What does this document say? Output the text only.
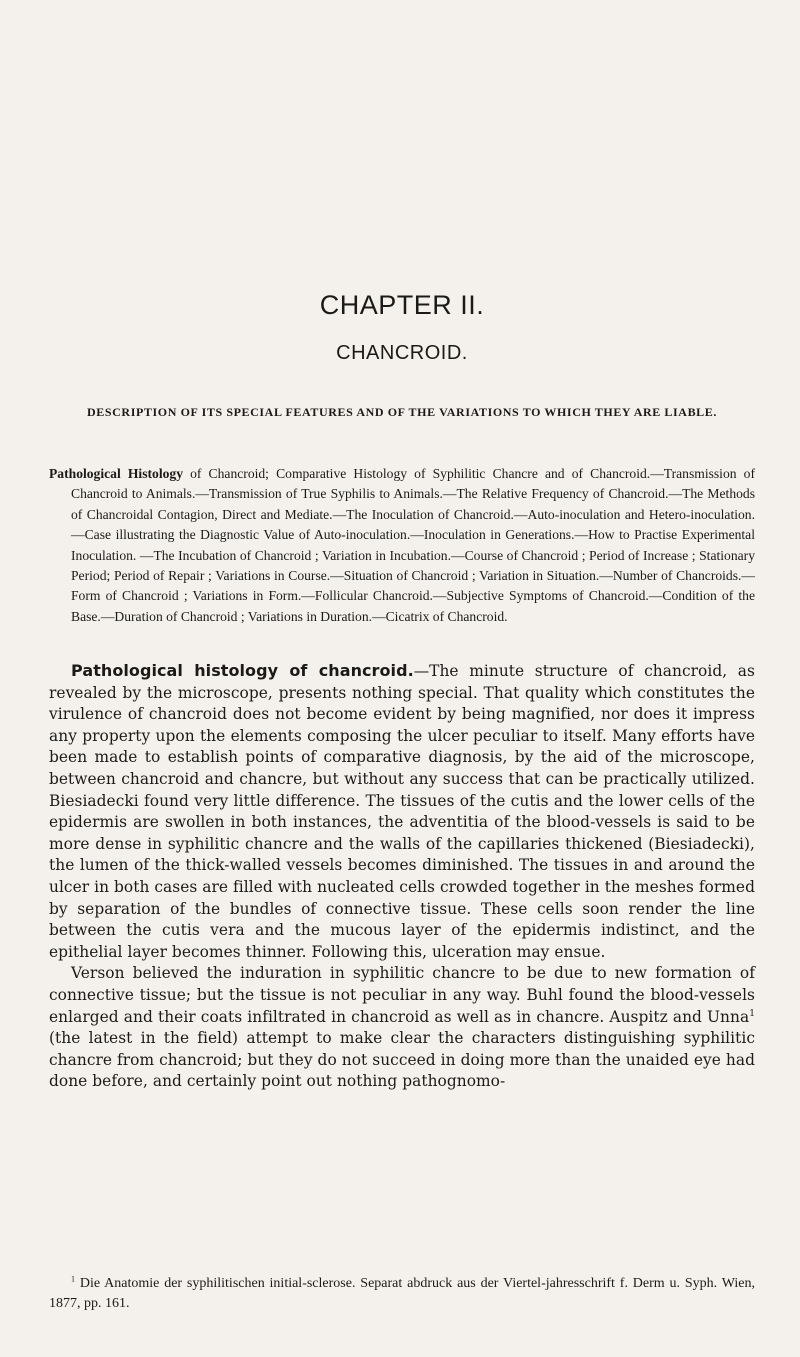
CHAPTER II.
CHANCROID.
DESCRIPTION OF ITS SPECIAL FEATURES AND OF THE VARIATIONS TO WHICH THEY ARE LIABLE.
Pathological Histology of Chancroid; Comparative Histology of Syphilitic Chancre and of Chancroid.—Transmission of Chancroid to Animals.—Transmission of True Syphilis to Animals.—The Relative Frequency of Chancroid.—The Methods of Chancroidal Contagion, Direct and Mediate.—The Inoculation of Chancroid.—Auto-inoculation and Hetero-inoculation.—Case illustrating the Diagnostic Value of Auto-inoculation.—Inoculation in Generations.—How to Practise Experimental Inoculation. —The Incubation of Chancroid ; Variation in Incubation.—Course of Chancroid ; Period of Increase ; Stationary Period; Period of Repair ; Variations in Course.—Situation of Chancroid ; Variation in Situation.—Number of Chancroids.—Form of Chancroid ; Variations in Form.—Follicular Chancroid.—Subjective Symptoms of Chancroid.—Condition of the Base.—Duration of Chancroid ; Variations in Duration.—Cicatrix of Chancroid.

Pathological histology of chancroid.—The minute structure of chancroid, as revealed by the microscope, presents nothing special. That quality which constitutes the virulence of chancroid does not become evident by being magnified, nor does it impress any property upon the elements composing the ulcer peculiar to itself. Many efforts have been made to establish points of comparative diagnosis, by the aid of the microscope, between chancroid and chancre, but without any success that can be practically utilized. Biesiadecki found very little difference. The tissues of the cutis and the lower cells of the epidermis are swollen in both instances, the adventitia of the blood-vessels is said to be more dense in syphilitic chancre and the walls of the capillaries thickened (Biesiadecki), the lumen of the thick-walled vessels becomes diminished. The tissues in and around the ulcer in both cases are filled with nucleated cells crowded together in the meshes formed by separation of the bundles of connective tissue. These cells soon render the line between the cutis vera and the mucous layer of the epidermis indistinct, and the epithelial layer becomes thinner. Following this, ulceration may ensue.

Verson believed the induration in syphilitic chancre to be due to new formation of connective tissue; but the tissue is not peculiar in any way. Buhl found the blood-vessels enlarged and their coats infiltrated in chancroid as well as in chancre. Auspitz and Unna$^1$ (the latest in the field) attempt to make clear the characters distinguishing syphilitic chancre from chancroid; but they do not succeed in doing more than the unaided eye had done before, and certainly point out nothing pathognomo-

$^1$ Die Anatomie der syphilitischen initial-sclerose. Separat abdruck aus der Viertel-jahresschrift f. Derm u. Syph. Wien, 1877, pp. 161.
